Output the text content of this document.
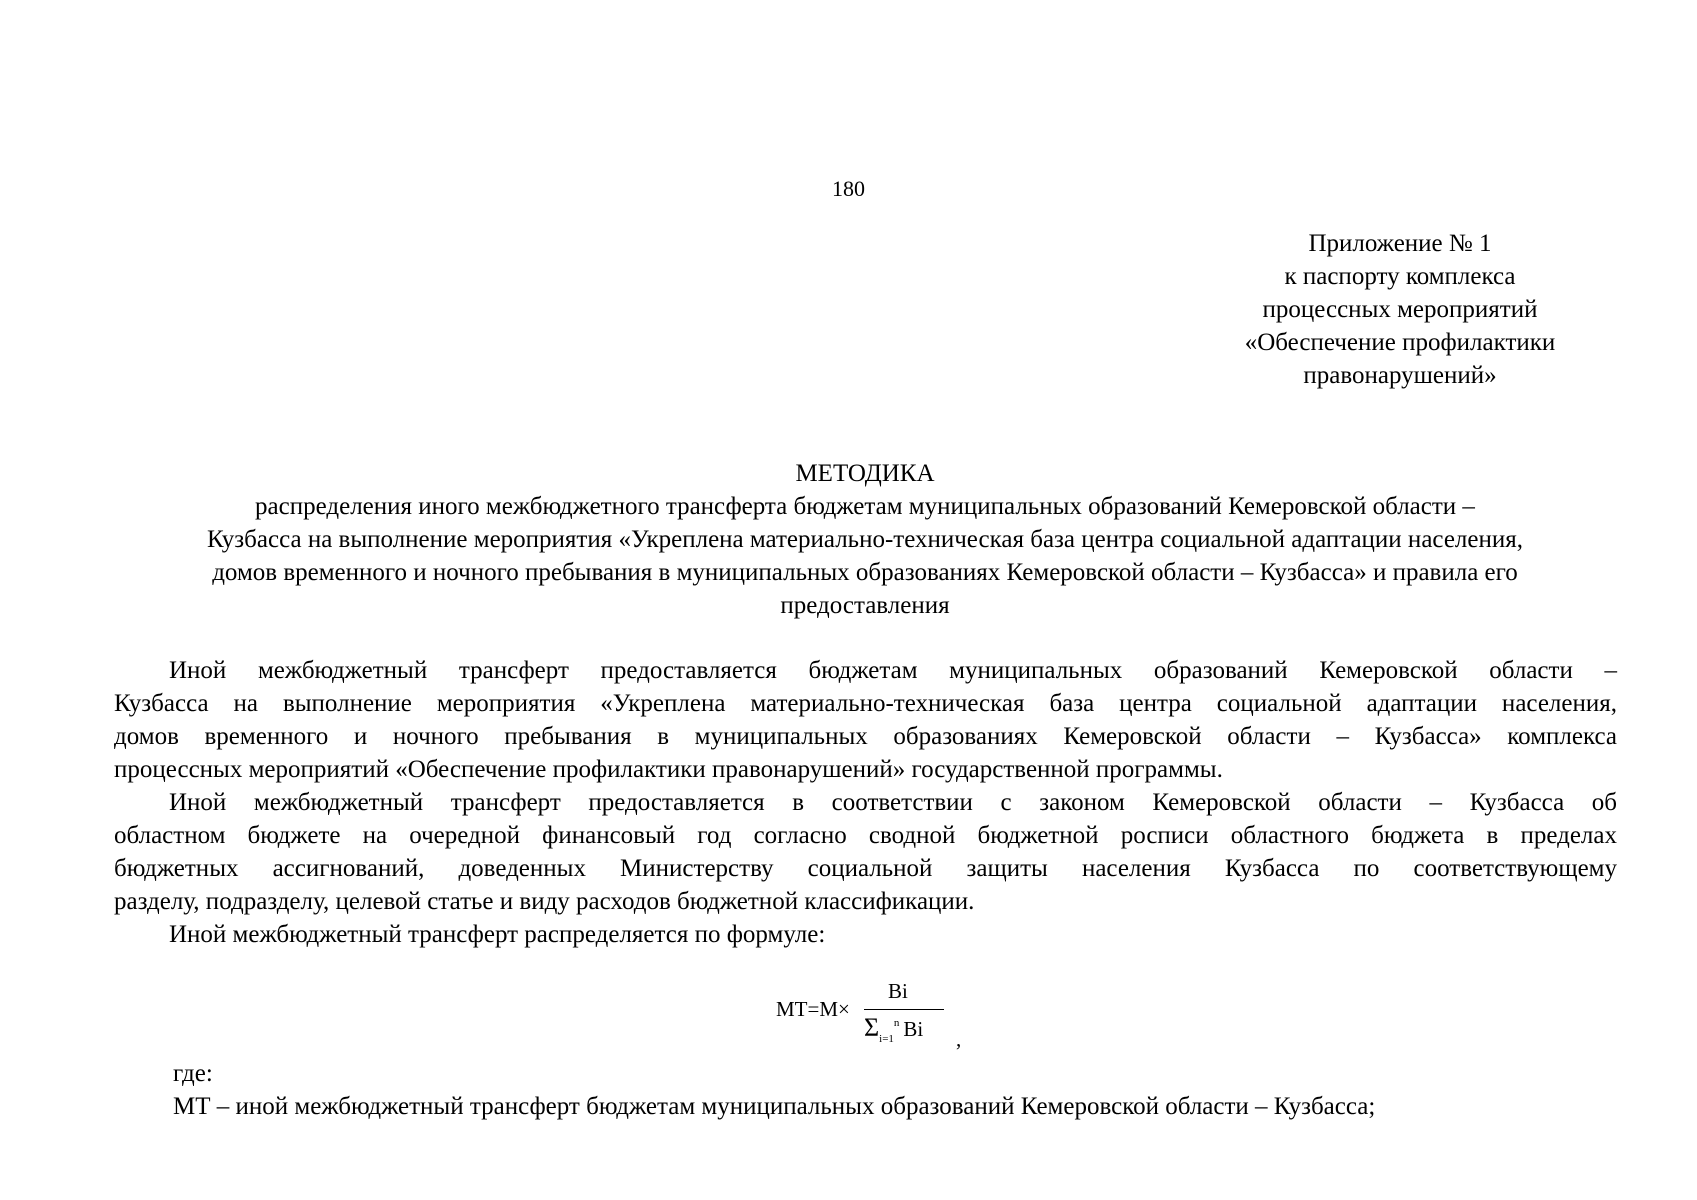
180
Приложение № 1
к паспорту комплекса
процессных мероприятий
«Обеспечение профилактики
правонарушений»
МЕТОДИКА
распределения иного межбюджетного трансферта бюджетам муниципальных образований Кемеровской области –
Кузбасса на выполнение мероприятия «Укреплена материально-техническая база центра социальной адаптации населения,
домов временного и ночного пребывания в муниципальных образованиях Кемеровской области – Кузбасса» и правила его
предоставления
Иной межбюджетный трансферт предоставляется бюджетам муниципальных образований Кемеровской области –
Кузбасса на выполнение мероприятия «Укреплена материально-техническая база центра социальной адаптации населения,
домов временного и ночного пребывания в муниципальных образованиях Кемеровской области – Кузбасса» комплекса
процессных мероприятий «Обеспечение профилактики правонарушений» государственной программы.
Иной межбюджетный трансферт предоставляется в соответствии с законом Кемеровской области – Кузбасса об
областном бюджете на очередной финансовый год согласно сводной бюджетной росписи областного бюджета в пределах
бюджетных ассигнований, доведенных Министерству социальной защиты населения Кузбасса по соответствующему
разделу, подразделу, целевой статье и виду расходов бюджетной классификации.
Иной межбюджетный трансферт распределяется по формуле:
МТ=М×
Bi
$\Sigma_{i=1}^n$ Bi ,
где:
МТ – иной межбюджетный трансферт бюджетам муниципальных образований Кемеровской области – Кузбасса;
